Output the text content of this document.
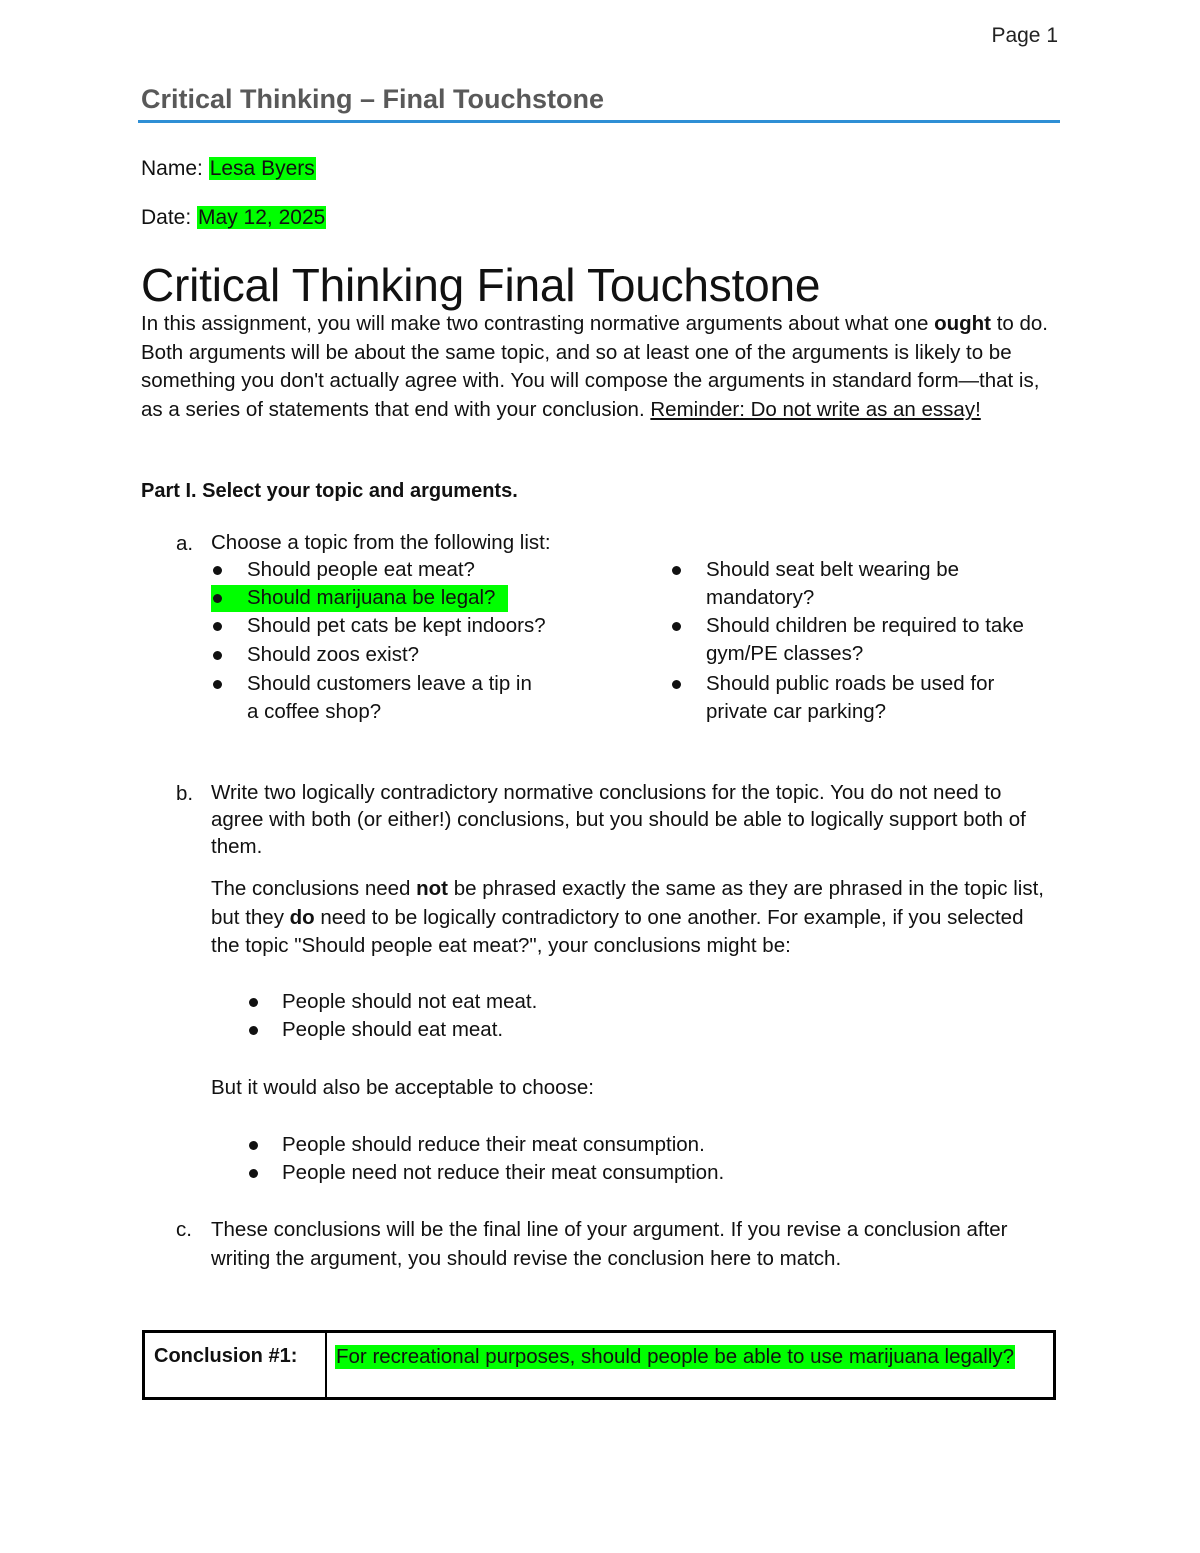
Page 1
Critical Thinking – Final Touchstone
Name: Lesa Byers
Date: May 12, 2025
Critical Thinking Final Touchstone
In this assignment, you will make two contrasting normative arguments about what one ought to do. Both arguments will be about the same topic, and so at least one of the arguments is likely to be something you don't actually agree with. You will compose the arguments in standard form—that is, as a series of statements that end with your conclusion. Reminder: Do not write as an essay!
Part I. Select your topic and arguments.
a. Choose a topic from the following list:
Should people eat meat?
Should marijuana be legal?
Should pet cats be kept indoors?
Should zoos exist?
Should customers leave a tip in
a coffee shop?
Should seat belt wearing be
mandatory?
Should children be required to take
gym/PE classes?
Should public roads be used for
private car parking?
b. Write two logically contradictory normative conclusions for the topic. You do not need to agree with both (or either!) conclusions, but you should be able to logically support both of them.
The conclusions need not be phrased exactly the same as they are phrased in the topic list, but they do need to be logically contradictory to one another. For example, if you selected the topic "Should people eat meat?", your conclusions might be:
People should not eat meat.
People should eat meat.
But it would also be acceptable to choose:
People should reduce their meat consumption.
People need not reduce their meat consumption.
c. These conclusions will be the final line of your argument. If you revise a conclusion after writing the argument, you should revise the conclusion here to match.
Conclusion #1: For recreational purposes, should people be able to use marijuana legally?
